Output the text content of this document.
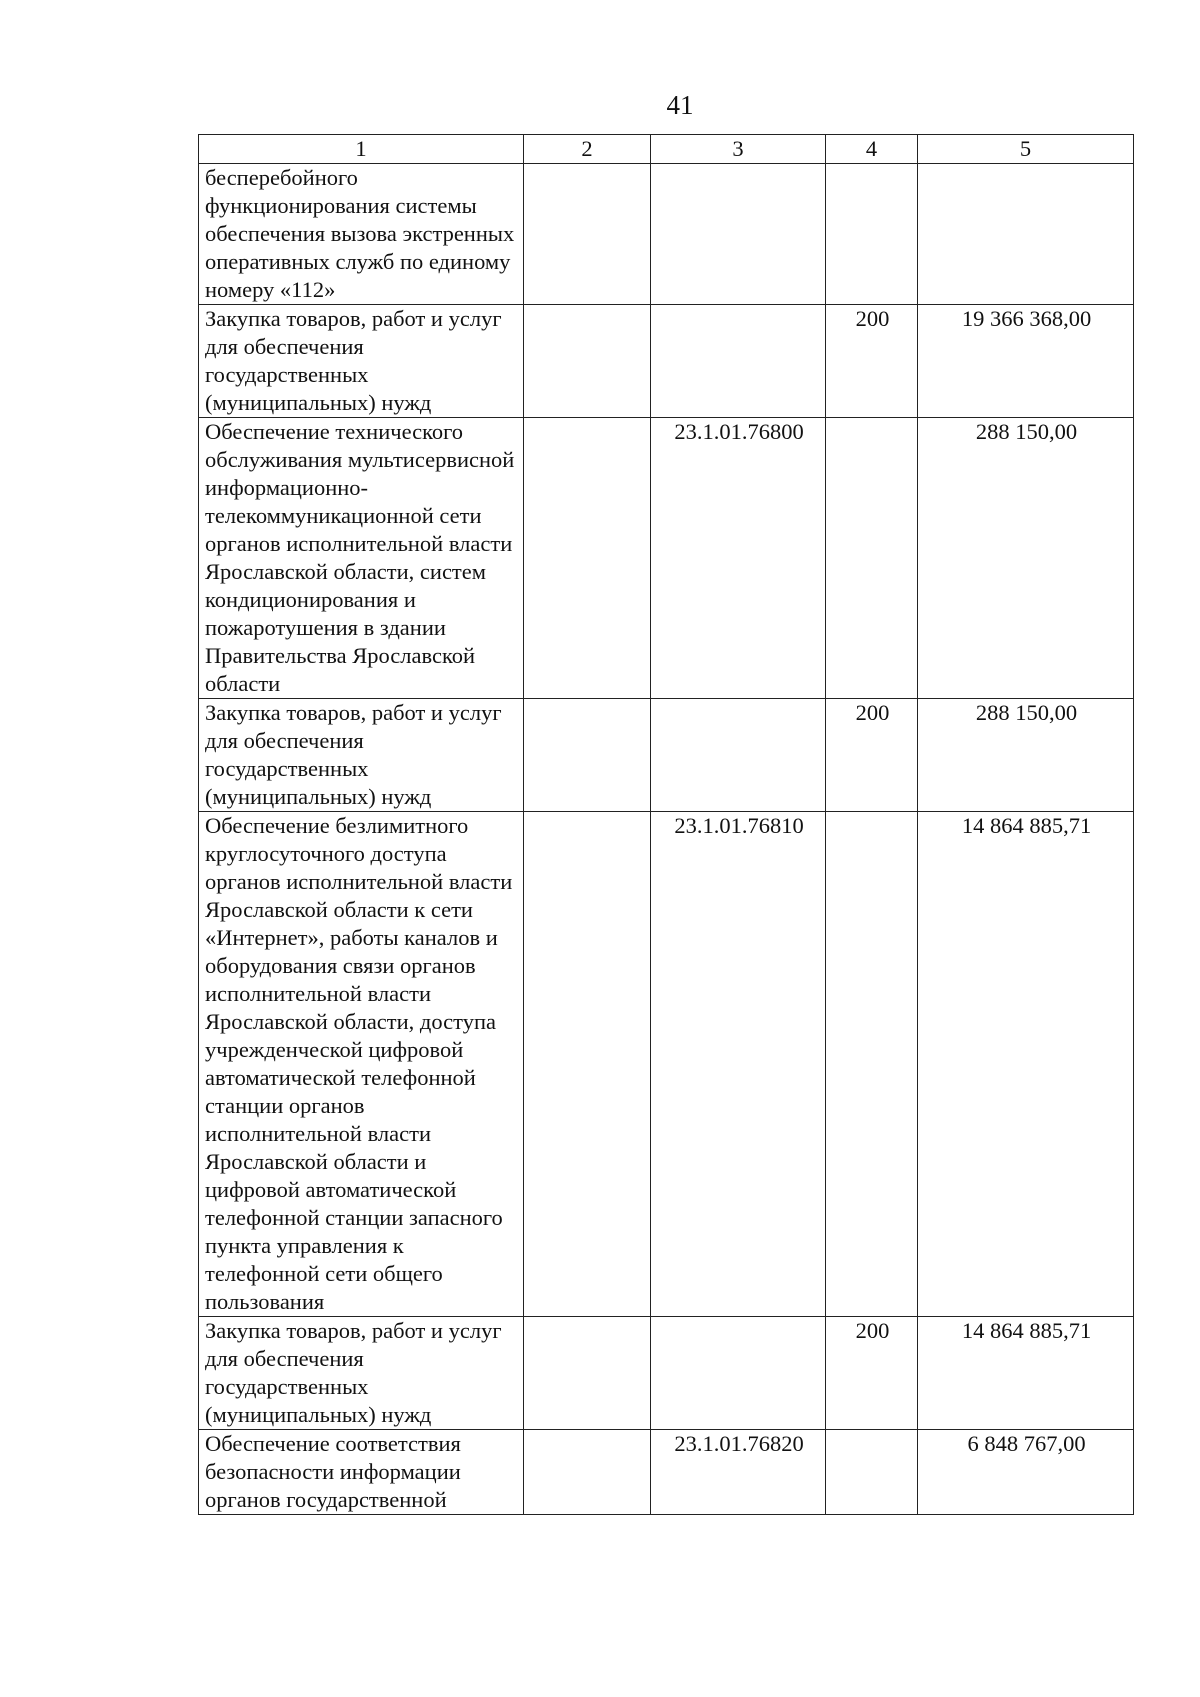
41
1	2	3	4	5
бесперебойного функционирования системы обеспечения вызова экстренных оперативных служб по единому номеру «112»				
Закупка товаров, работ и услуг для обеспечения государственных (муниципальных) нужд			200	19 366 368,00
Обеспечение технического обслуживания мультисервисной информационно-телекоммуникационной сети органов исполнительной власти Ярославской области, систем кондиционирования и пожаротушения в здании Правительства Ярославской области		23.1.01.76800		288 150,00
Закупка товаров, работ и услуг для обеспечения государственных (муниципальных) нужд			200	288 150,00
Обеспечение безлимитного круглосуточного доступа органов исполнительной власти Ярославской области к сети «Интернет», работы каналов и оборудования связи органов исполнительной власти Ярославской области, доступа учрежденческой цифровой автоматической телефонной станции органов исполнительной власти Ярославской области и цифровой автоматической телефонной станции запасного пункта управления к телефонной сети общего пользования		23.1.01.76810		14 864 885,71
Закупка товаров, работ и услуг для обеспечения государственных (муниципальных) нужд			200	14 864 885,71
Обеспечение соответствия безопасности информации органов государственной		23.1.01.76820		6 848 767,00
